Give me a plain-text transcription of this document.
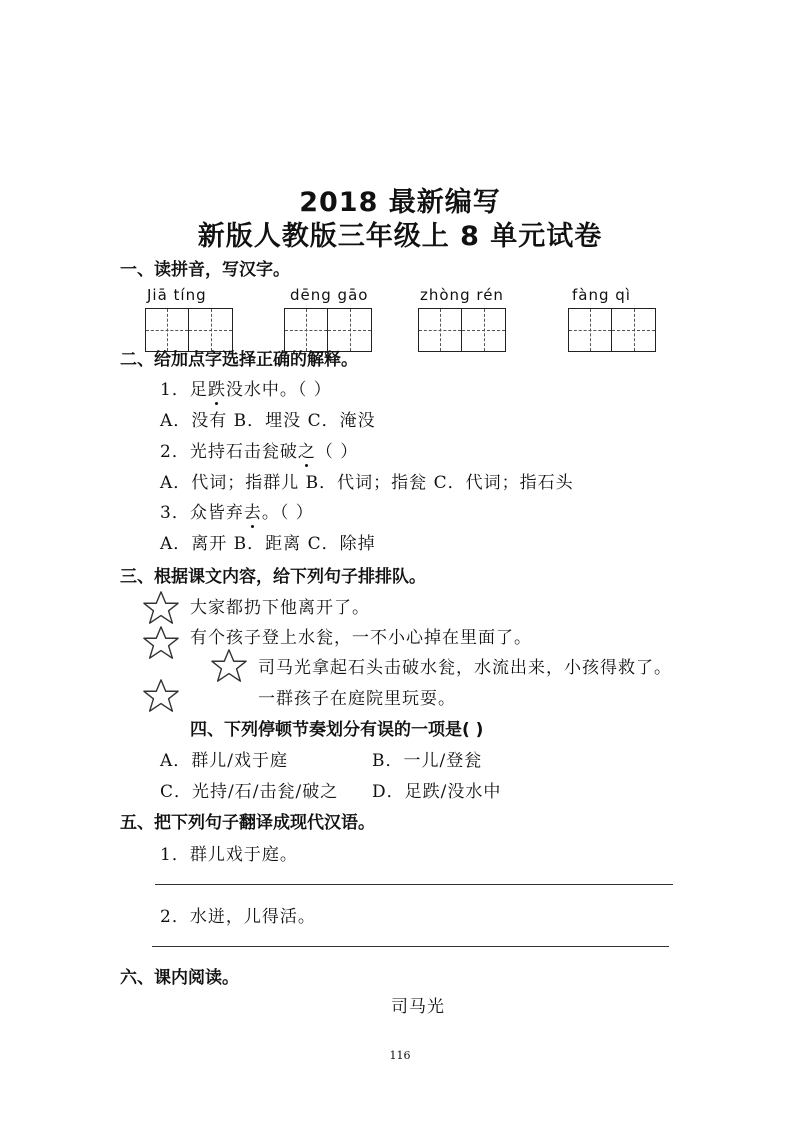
2018 最新编写
新版人教版三年级上 8 单元试卷
一、读拼音，写汉字。
Jiā tíng	dēng gāo	zhòng rén	fàng qì
二、给加点字选择正确的解释。
1．足跌没水中。（ ）
A．没有 B．埋没 C．淹没
2．光持石击瓮破之（ ）
A．代词；指群儿 B．代词；指瓮 C．代词；指石头
3．众皆弃去。（ ）
A．离开 B．距离 C．除掉
三、根据课文内容，给下列句子排排队。
大家都扔下他离开了。
有个孩子登上水瓮，一不小心掉在里面了。
司马光拿起石头击破水瓮，水流出来，小孩得救了。
一群孩子在庭院里玩耍。
四、下列停顿节奏划分有误的一项是( )
A．群儿/戏于庭	B．一儿/登瓮
C．光持/石/击瓮/破之 D．足跌/没水中
五、把下列句子翻译成现代汉语。
1．群儿戏于庭。
2．水迸，儿得活。
六、课内阅读。
司马光
116
